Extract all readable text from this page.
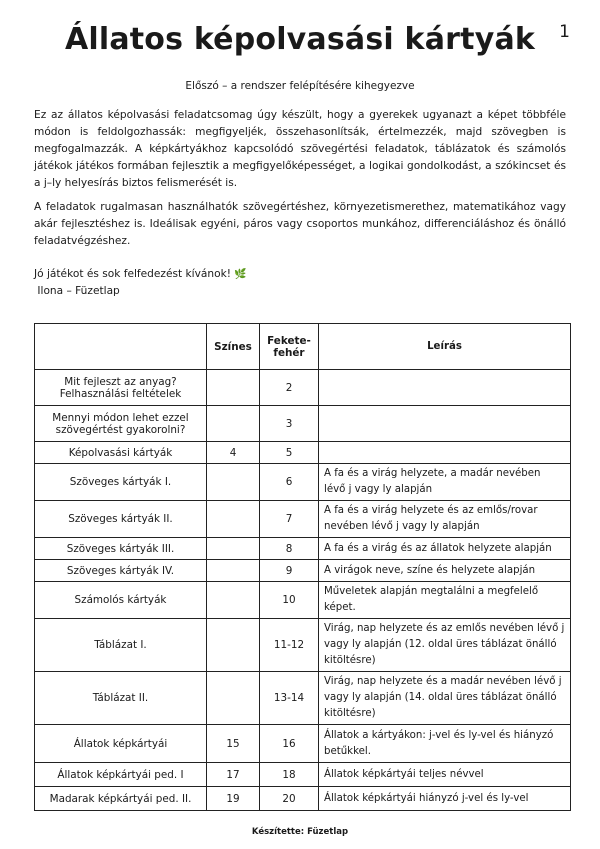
1
Állatos képolvasási kártyák
Előszó – a rendszer felépítésére kihegyezve

Ez az állatos képolvasási feladatcsomag úgy készült, hogy a gyerekek ugyanazt a képet többféle módon is feldolgozhassák: megfigyeljék, összehasonlítsák, értelmezzék, majd szövegben is megfogalmazzák. A képkártyákhoz kapcsolódó szövegértési feladatok, táblázatok és számolós játékok játékos formában fejlesztik a megfigyelőképességet, a logikai gondolkodást, a szókincset és a j–ly helyesírás biztos felismerését is.

A feladatok rugalmasan használhatók szövegértéshez, környezetismerethez, matematikához vagy akár fejlesztéshez is. Ideálisak egyéni, páros vagy csoportos munkához, differenciáláshoz és önálló feladatvégzéshez.

Jó játékot és sok felfedezést kívánok! 🌿
Ilona – Füzetlap
	Színes	Fekete-fehér	Leírás
Mit fejleszt az anyag? Felhasználási feltételek		2	
Mennyi módon lehet ezzel szövegértést gyakorolni?		3	
Képolvasási kártyák	4	5	
Szöveges kártyák I.		6	A fa és a virág helyzete, a madár nevében lévő j vagy ly alapján
Szöveges kártyák II.		7	A fa és a virág helyzete és az emlős/rovar nevében lévő j vagy ly alapján
Szöveges kártyák III.		8	A fa és a virág és az állatok helyzete alapján
Szöveges kártyák IV.		9	A virágok neve, színe és helyzete alapján
Számolós kártyák		10	Műveletek alapján megtalálni a megfelelő képet.
Táblázat I.		11-12	Virág, nap helyzete és az emlős nevében lévő j vagy ly alapján (12. oldal üres táblázat önálló kitöltésre)
Táblázat II.		13-14	Virág, nap helyzete és a madár nevében lévő j vagy ly alapján (14. oldal üres táblázat önálló kitöltésre)
Állatok képkártyái	15	16	Állatok a kártyákon: j-vel és ly-vel és hiányzó betűkkel.
Állatok képkártyái ped. I	17	18	Állatok képkártyái teljes névvel
Madarak képkártyái ped. II.	19	20	Állatok képkártyái hiányzó j-vel és ly-vel
Készítette: Füzetlap
